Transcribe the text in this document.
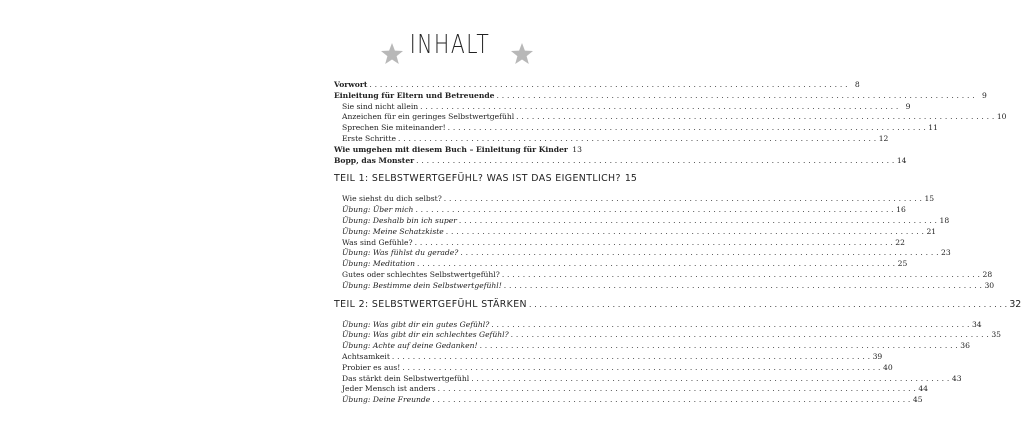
INHALT
Vorwort . . .	8
Einleitung für Eltern und Betreuende . . .	9
Sie sind nicht allein . . .	9
Anzeichen für ein geringes Selbstwertgefühl . . .	10
Sprechen Sie miteinander! . . .	11
Erste Schritte . . .	12
Wie umgehen mit diesem Buch – Einleitung für Kinder 13
Bopp, das Monster . . .	14
TEIL 1: SELBSTWERTGEFÜHL? WAS IST DAS EIGENTLICH? 15
Wie siehst du dich selbst? . . .	15
Übung: Über mich . . .	16
Übung: Deshalb bin ich super . . .	18
Übung: Meine Schatzkiste . . .	21
Was sind Gefühle? . . .	22
Übung: Was fühlst du gerade? . . .	23
Übung: Meditation . . .	25
Gutes oder schlechtes Selbstwertgefühl? . . .	28
Übung: Bestimme dein Selbstwertgefühl! . . .	30
TEIL 2: SELBSTWERTGEFÜHL STÄRKEN . . .	32
Übung: Was gibt dir ein gutes Gefühl? . . .	34
Übung: Was gibt dir ein schlechtes Gefühl? . . .	35
Übung: Achte auf deine Gedanken! . . .	36
Achtsamkeit . . .	39
Probier es aus! . . .	40
Das stärkt dein Selbstwertgefühl . . .	43
Jeder Mensch ist anders . . .	44
Übung: Deine Freunde . . .	45
